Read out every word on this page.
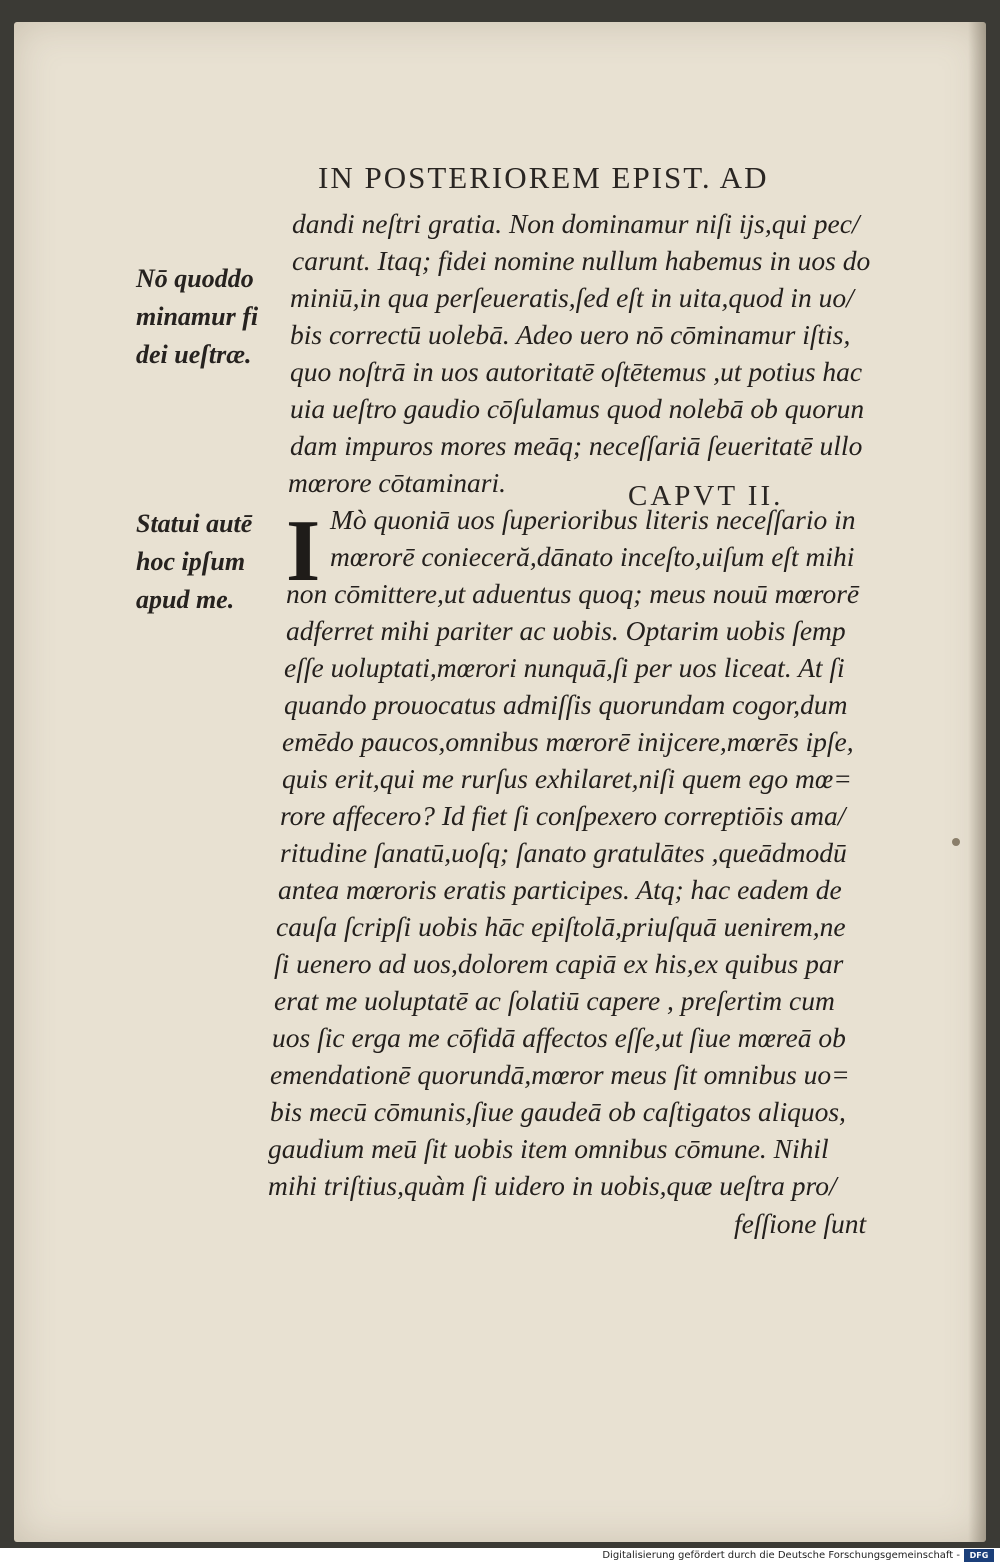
IN POSTERIOREM EPIST. AD
Nō quoddo
minamur fi
dei ueſtræ.
Statui autē
hoc ipſum
apud me.
CAPVT II.
I
dandi neſtri gratia. Non dominamur niſi ijs,qui pec/
carunt. Itaq; fidei nomine nullum habemus in uos do
miniū,in qua perſeueratis,ſed eſt in uita,quod in uo/
bis correctū uolebā. Adeo uero nō cōminamur iſtis,
quo noſtrā in uos autoritatē oſtētemus ,ut potius hac
uia ueſtro gaudio cōſulamus quod nolebā ob quorun
dam impuros mores meāq; neceſſariā ſeueritatē ullo
mœrore cōtaminari.
Mò quoniā uos ſuperioribus literis neceſſario in
mœrorē conieceră,dānato inceſto,uiſum eſt mihi
non cōmittere,ut aduentus quoq; meus nouū mœrorē
adferret mihi pariter ac uobis. Optarim uobis ſemp
eſſe uoluptati,mœrori nunquā,ſi per uos liceat. At ſi
quando prouocatus admiſſis quorundam cogor,dum
emēdo paucos,omnibus mœrorē inijcere,mœrēs ipſe,
quis erit,qui me rurſus exhilaret,niſi quem ego mœ=
rore affecero? Id fiet ſi conſpexero correptiōis ama/
ritudine ſanatū,uoſq; ſanato gratulātes ,queādmodū
antea mœroris eratis participes. Atq; hac eadem de
cauſa ſcripſi uobis hāc epiſtolā,priuſquā uenirem,ne
ſi uenero ad uos,dolorem capiā ex his,ex quibus par
erat me uoluptatē ac ſolatiū capere , preſertim cum
uos ſic erga me cōfidā affectos eſſe,ut ſiue mœreā ob
emendationē quorundā,mœror meus ſit omnibus uo=
bis mecū cōmunis,ſiue gaudeā ob caſtigatos aliquos,
gaudium meū ſit uobis item omnibus cōmune. Nihil
mihi triſtius,quàm ſi uidero in uobis,quæ ueſtra pro/
feſſione ſunt
Digitalisierung gefördert durch die Deutsche Forschungsgemeinschaft -	DFG
